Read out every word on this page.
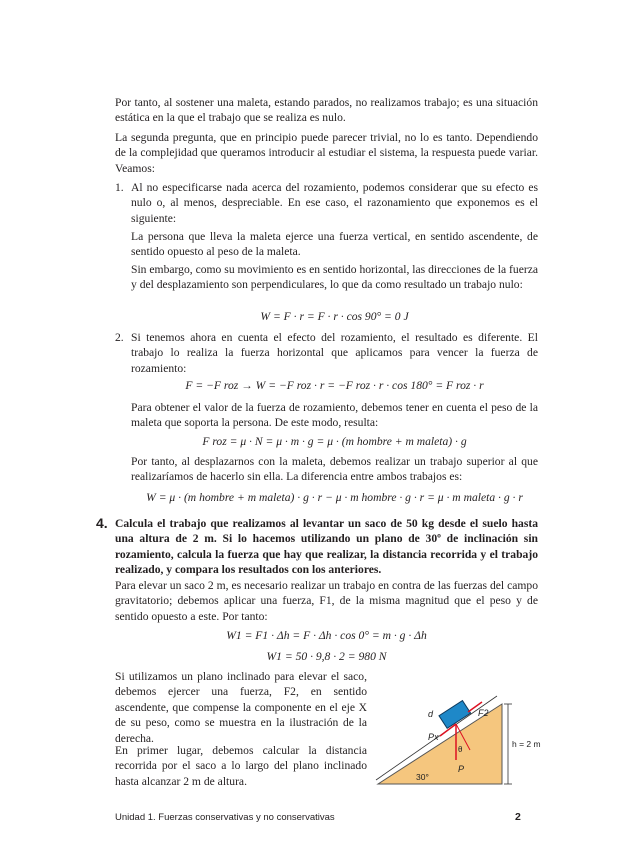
Por tanto, al sostener una maleta, estando parados, no realizamos trabajo; es una situación estática en la que el trabajo que se realiza es nulo.

La segunda pregunta, que en principio puede parecer trivial, no lo es tanto. Dependiendo de la complejidad que queramos introducir al estudiar el sistema, la respuesta puede variar. Veamos:

1. Al no especificarse nada acerca del rozamiento, podemos considerar que su efecto es nulo o, al menos, despreciable. En ese caso, el razonamiento que exponemos es el siguiente:

La persona que lleva la maleta ejerce una fuerza vertical, en sentido ascendente, de sentido opuesto al peso de la maleta.

Sin embargo, como su movimiento es en sentido horizontal, las direcciones de la fuerza y del desplazamiento son perpendiculares, lo que da como resultado un trabajo nulo:

W = F · r = F · r · cos 90° = 0 J
2. Si tenemos ahora en cuenta el efecto del rozamiento, el resultado es diferente. El trabajo lo realiza la fuerza horizontal que aplicamos para vencer la fuerza de rozamiento:

F = −F roz → W = −F roz · r = −F roz · r · cos 180° = F roz · r

Para obtener el valor de la fuerza de rozamiento, debemos tener en cuenta el peso de la maleta que soporta la persona. De este modo, resulta:

F roz = μ · N = μ · m · g = μ · (m hombre + m maleta) · g

Por tanto, al desplazarnos con la maleta, debemos realizar un trabajo superior al que realizaríamos de hacerlo sin ella. La diferencia entre ambos trabajos es:

W = μ · (m hombre + m maleta) · g · r − μ · m hombre · g · r = μ · m maleta · g · r
4. Calcula el trabajo que realizamos al levantar un saco de 50 kg desde el suelo hasta una altura de 2 m. Si lo hacemos utilizando un plano de 30º de inclinación sin rozamiento, calcula la fuerza que hay que realizar, la distancia recorrida y el trabajo realizado, y compara los resultados con los anteriores.

Para elevar un saco 2 m, es necesario realizar un trabajo en contra de las fuerzas del campo gravitatorio; debemos aplicar una fuerza, F1, de la misma magnitud que el peso y de sentido opuesto a este. Por tanto:

W1 = F1 · Δh = F · Δh · cos 0° = m · g · Δh
W1 = 50 · 9,8 · 2 = 980 N

Si utilizamos un plano inclinado para elevar el saco, debemos ejercer una fuerza, F2, en sentido ascendente, que compense la componente en el eje X de su peso, como se muestra en la ilustración de la derecha.

En primer lugar, debemos calcular la distancia recorrida por el saco a lo largo del plano inclinado hasta alcanzar 2 m de altura.

d	F2
Px
θ
P
h = 2 m
30°
Unidad 1. Fuerzas conservativas y no conservativas	2
